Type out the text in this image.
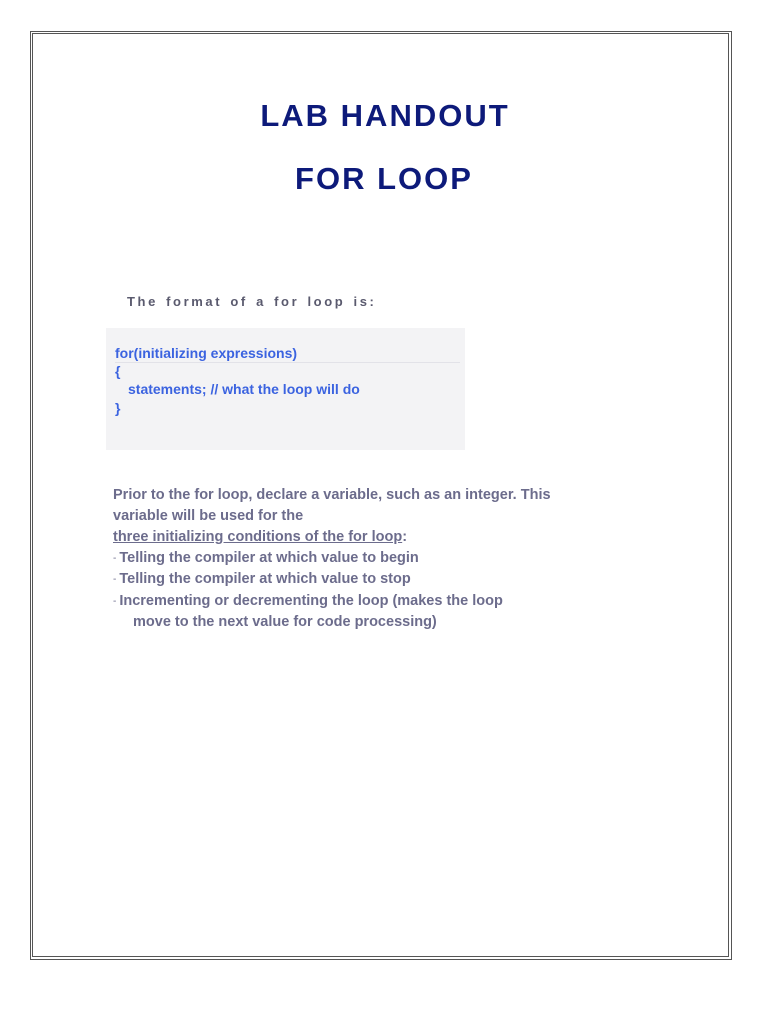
LAB HANDOUT
FOR LOOP
The format of a for loop is:
for(initializing expressions)
{
statements; // what the loop will do
}

Prior to the for loop, declare a variable, such as an integer. This

variable will be used for the

three initializing conditions of the for loop:

- Telling the compiler at which value to begin

- Telling the compiler at which value to stop

- Incrementing or decrementing the loop (makes the loop

move to the next value for code processing)
